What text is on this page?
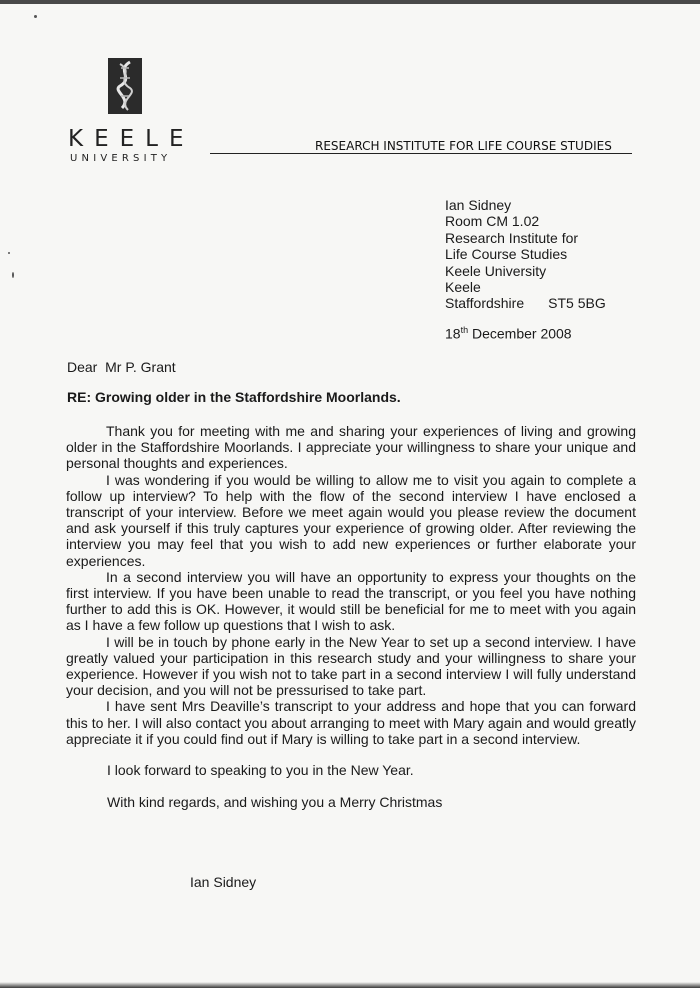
KEELE
UNIVERSITY
RESEARCH INSTITUTE FOR LIFE COURSE STUDIES
Ian Sidney
Room CM 1.02
Research Institute for
Life Course Studies
Keele University
Keele
Staffordshire ST5 5BG
18th December 2008
Dear  Mr P. Grant
RE: Growing older in the Staffordshire Moorlands.

Thank you for meeting with me and sharing your experiences of living and growing older in the Staffordshire Moorlands. I appreciate your willingness to share your unique and personal thoughts and experiences.

I was wondering if you would be willing to allow me to visit you again to complete a follow up interview? To help with the flow of the second interview I have enclosed a transcript of your interview. Before we meet again would you please review the document and ask yourself if this truly captures your experience of growing older. After reviewing the interview you may feel that you wish to add new experiences or further elaborate your experiences.

In a second interview you will have an opportunity to express your thoughts on the first interview. If you have been unable to read the transcript, or you feel you have nothing further to add this is OK. However, it would still be beneficial for me to meet with you again as I have a few follow up questions that I wish to ask.

I will be in touch by phone early in the New Year to set up a second interview. I have greatly valued your participation in this research study and your willingness to share your experience. However if you wish not to take part in a second interview I will fully understand your decision, and you will not be pressurised to take part.

I have sent Mrs Deaville’s transcript to your address and hope that you can forward this to her. I will also contact you about arranging to meet with Mary again and would greatly appreciate it if you could find out if Mary is willing to take part in a second interview.

I look forward to speaking to you in the New Year.
With kind regards, and wishing you a Merry Christmas
Ian Sidney
